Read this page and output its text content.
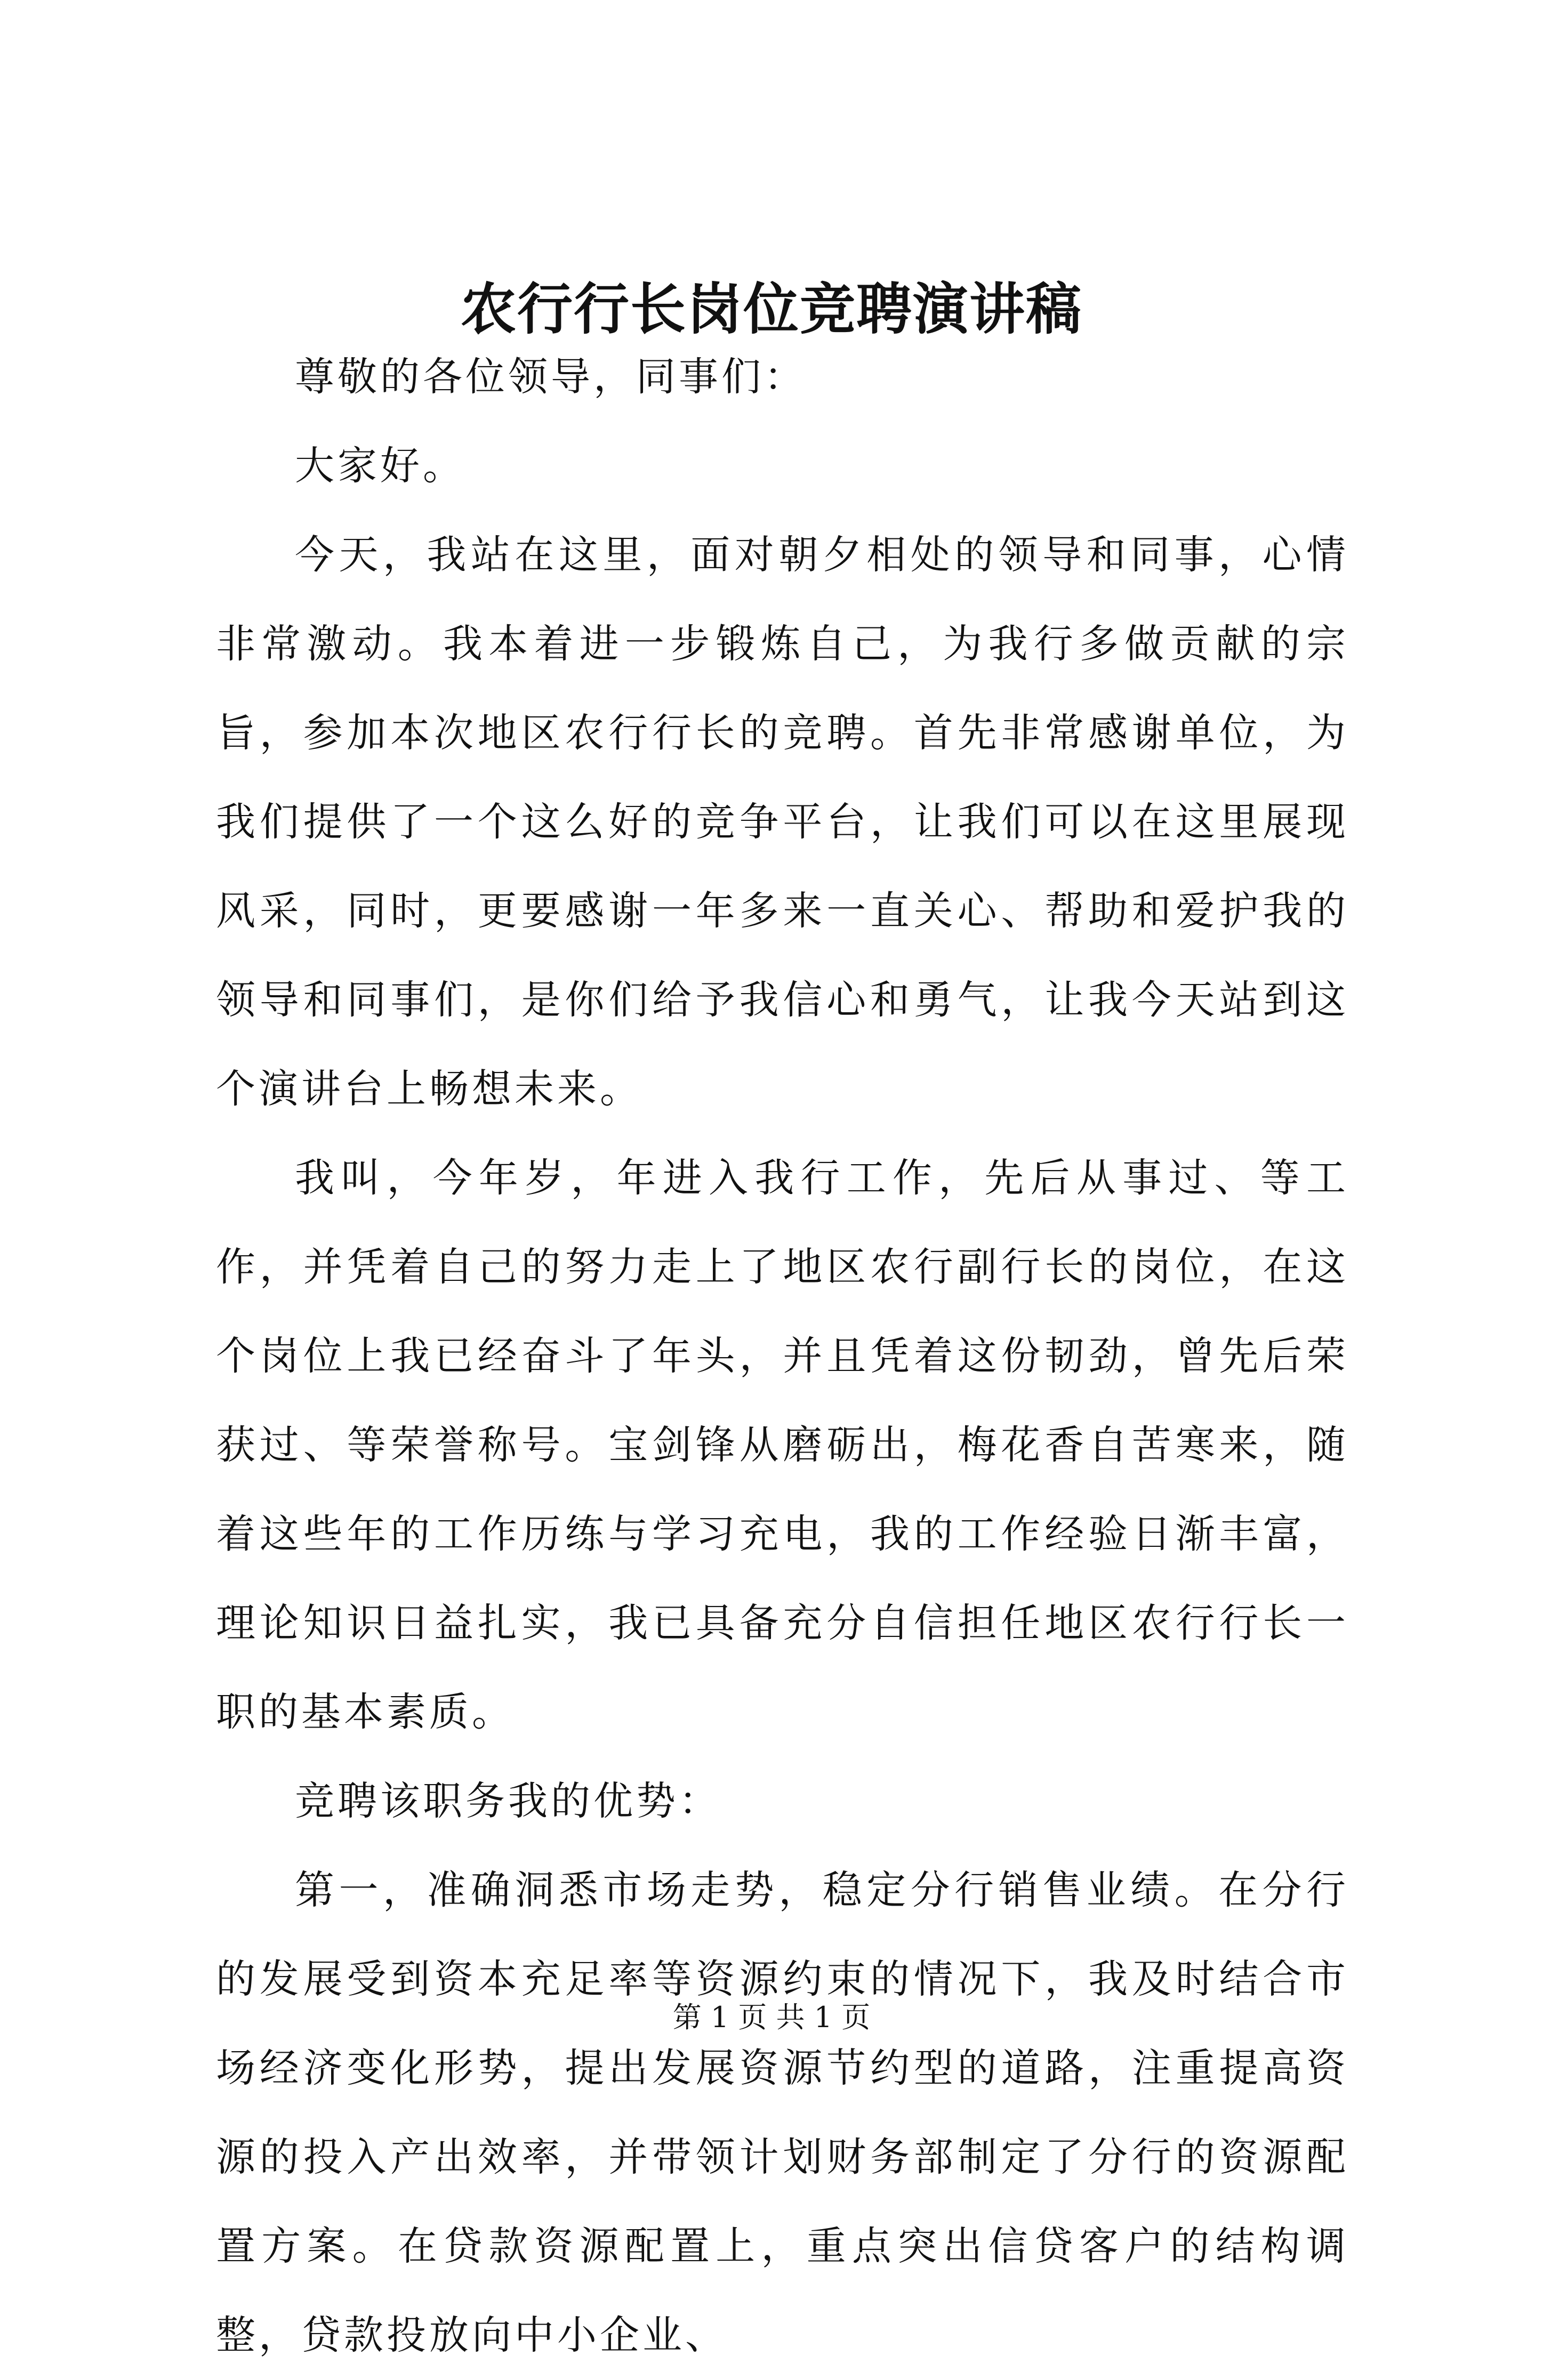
农行行长岗位竞聘演讲稿

尊敬的各位领导，同事们：

大家好。

今天，我站在这里，面对朝夕相处的领导和同事，心情非常激动。我本着进一步锻炼自己，为我行多做贡献的宗旨，参加本次地区农行行长的竞聘。首先非常感谢单位，为我们提供了一个这么好的竞争平台，让我们可以在这里展现风采，同时，更要感谢一年多来一直关心、帮助和爱护我的领导和同事们，是你们给予我信心和勇气，让我今天站到这个演讲台上畅想未来。

我叫，今年岁，年进入我行工作，先后从事过、等工作，并凭着自己的努力走上了地区农行副行长的岗位，在这个岗位上我已经奋斗了年头，并且凭着这份韧劲，曾先后荣获过、等荣誉称号。宝剑锋从磨砺出，梅花香自苦寒来，随着这些年的工作历练与学习充电，我的工作经验日渐丰富，理论知识日益扎实，我已具备充分自信担任地区农行行长一职的基本素质。

竞聘该职务我的优势：

第一，准确洞悉市场走势，稳定分行销售业绩。在分行的发展受到资本充足率等资源约束的情况下，我及时结合市场经济变化形势，提出发展资源节约型的道路，注重提高资源的投入产出效率，并带领计划财务部制定了分行的资源配置方案。在贷款资源配置上，重点突出信贷客户的结构调整，贷款投放向中小企业、

第 1 页 共 1 页
